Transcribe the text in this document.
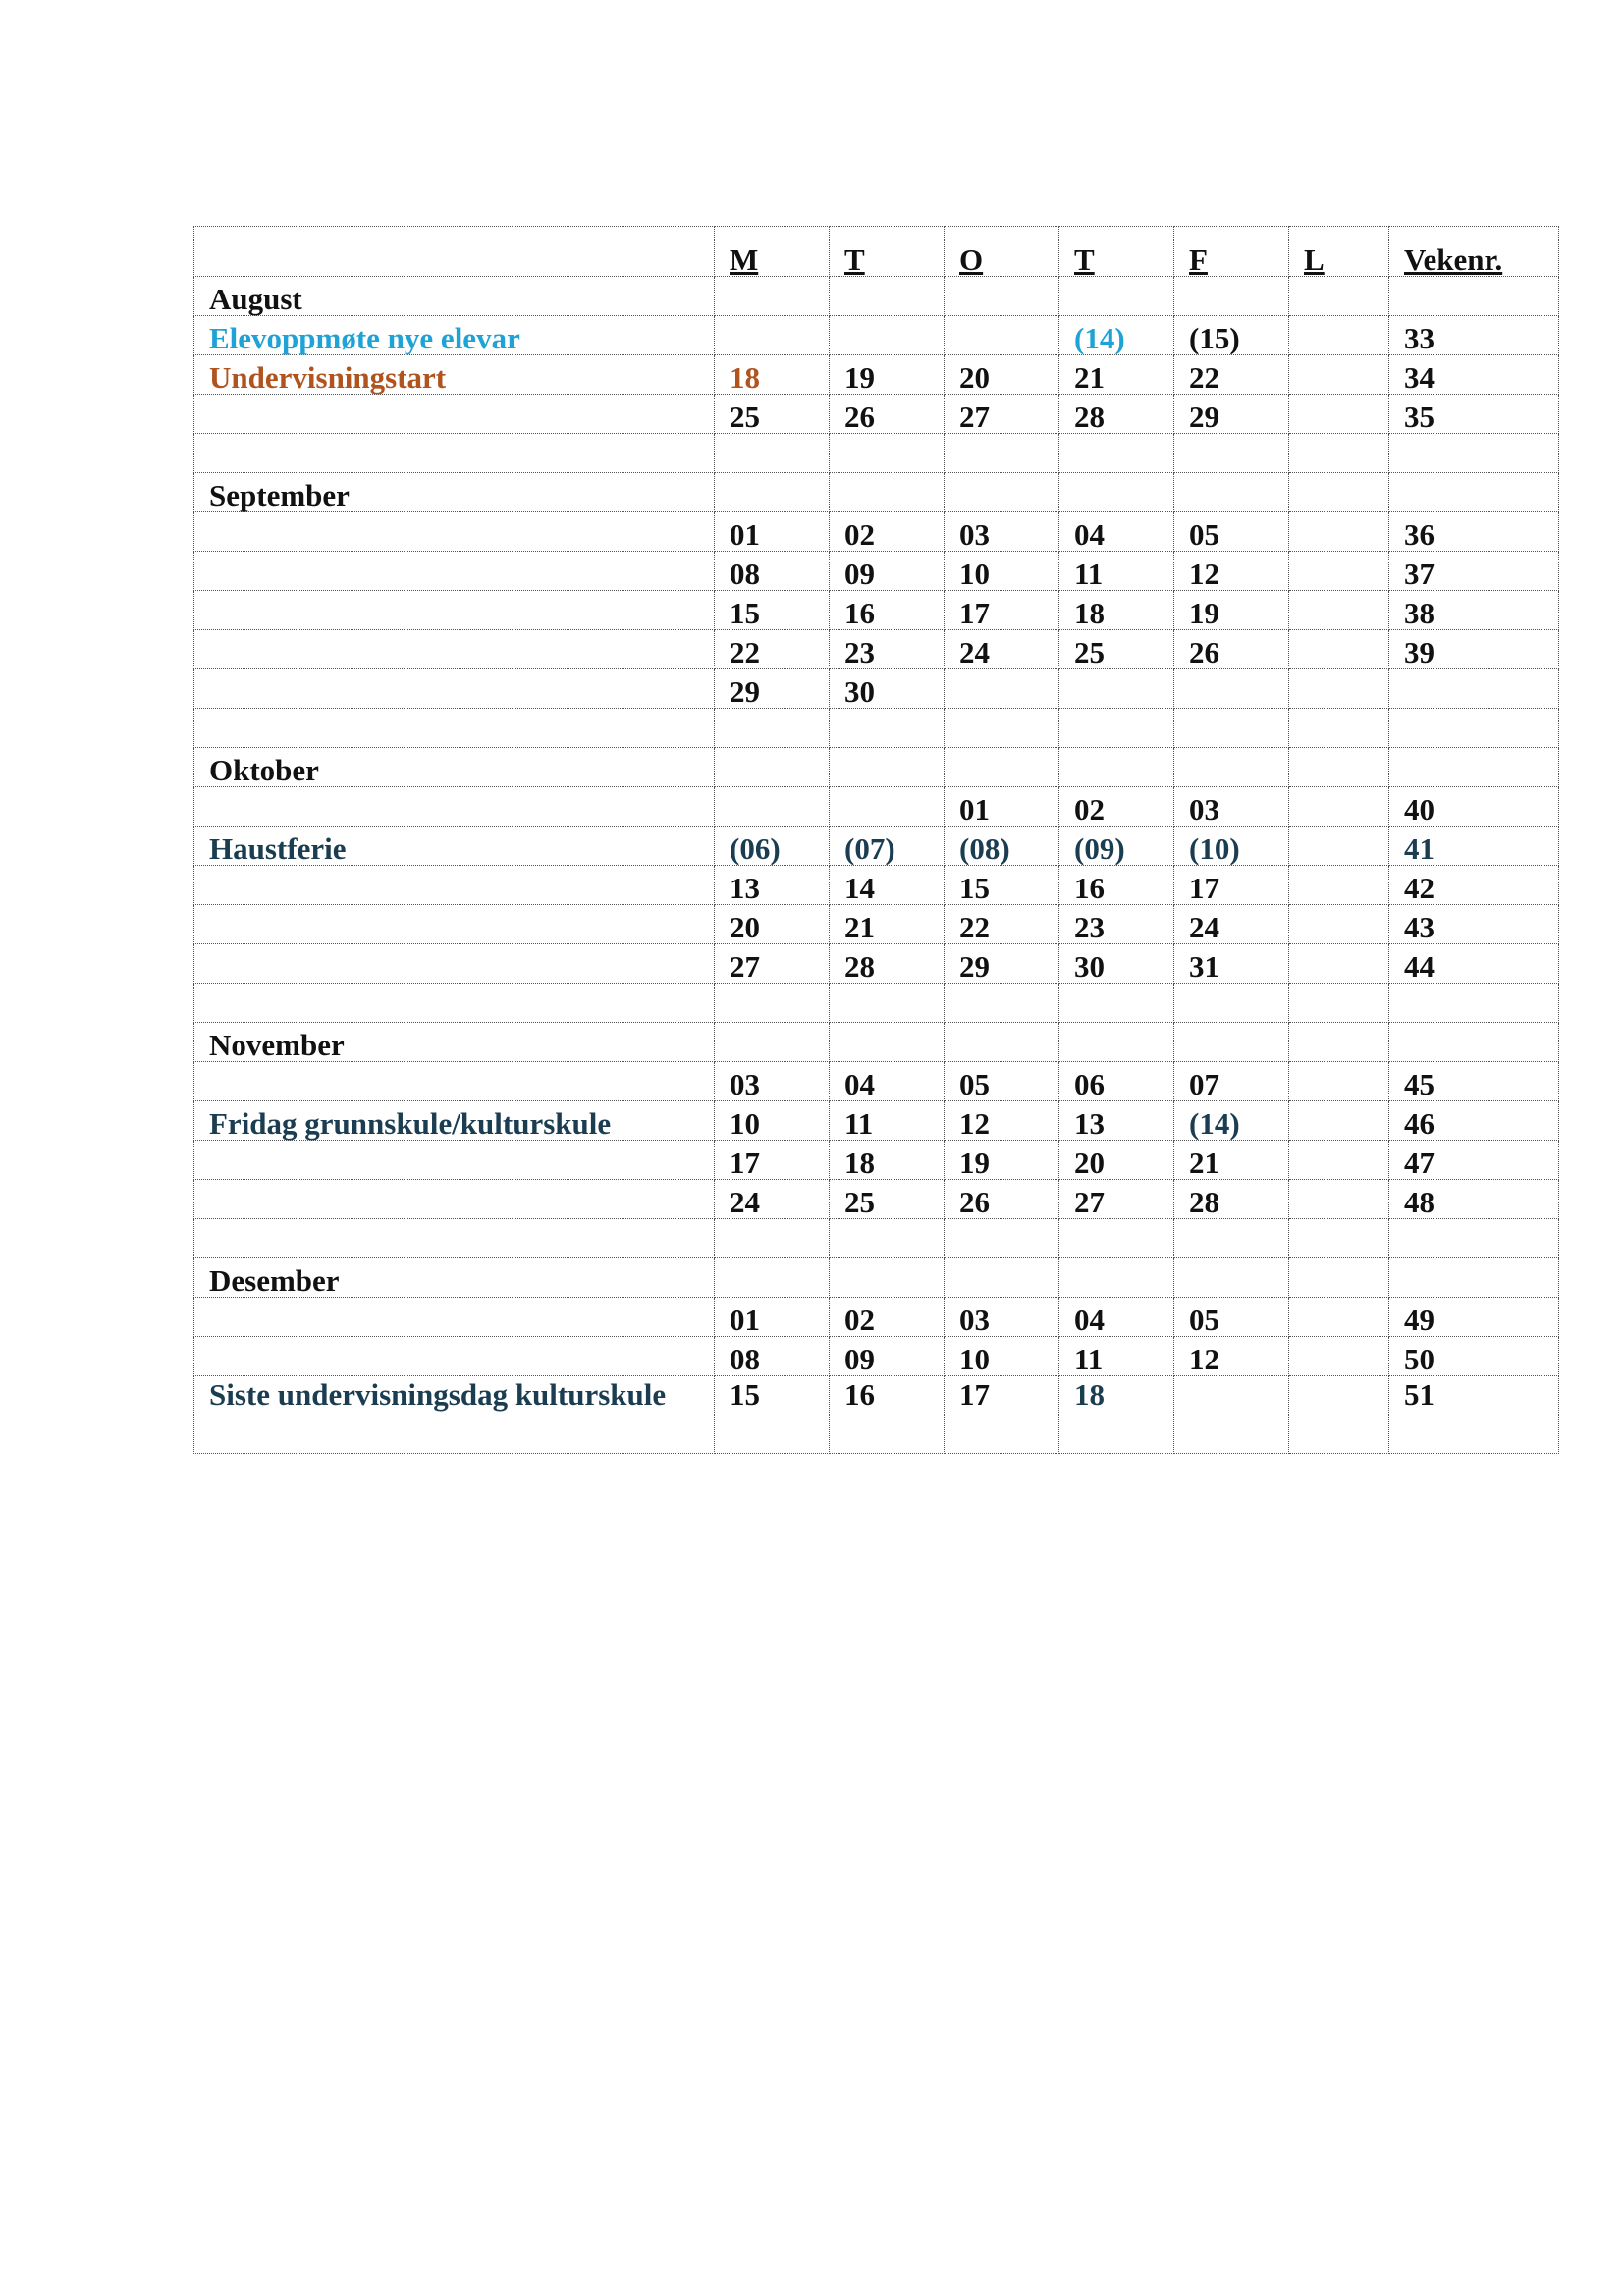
	M	T	O	T	F	L	Vekenr.
August							
Elevoppmøte nye elevar				(14)	(15)		33
Undervisningstart	18	19	20	21	22		34
	25	26	27	28	29		35

September							
	01	02	03	04	05		36
	08	09	10	11	12		37
	15	16	17	18	19		38
	22	23	24	25	26		39
	29	30					

Oktober							
			01	02	03		40
Haustferie	(06)	(07)	(08)	(09)	(10)		41
	13	14	15	16	17		42
	20	21	22	23	24		43
	27	28	29	30	31		44

November							
	03	04	05	06	07		45
Fridag grunnskule/kulturskule	10	11	12	13	(14)		46
	17	18	19	20	21		47
	24	25	26	27	28		48

Desember							
	01	02	03	04	05		49
	08	09	10	11	12		50
Siste undervisningsdag kulturskule	15	16	17	18			51
